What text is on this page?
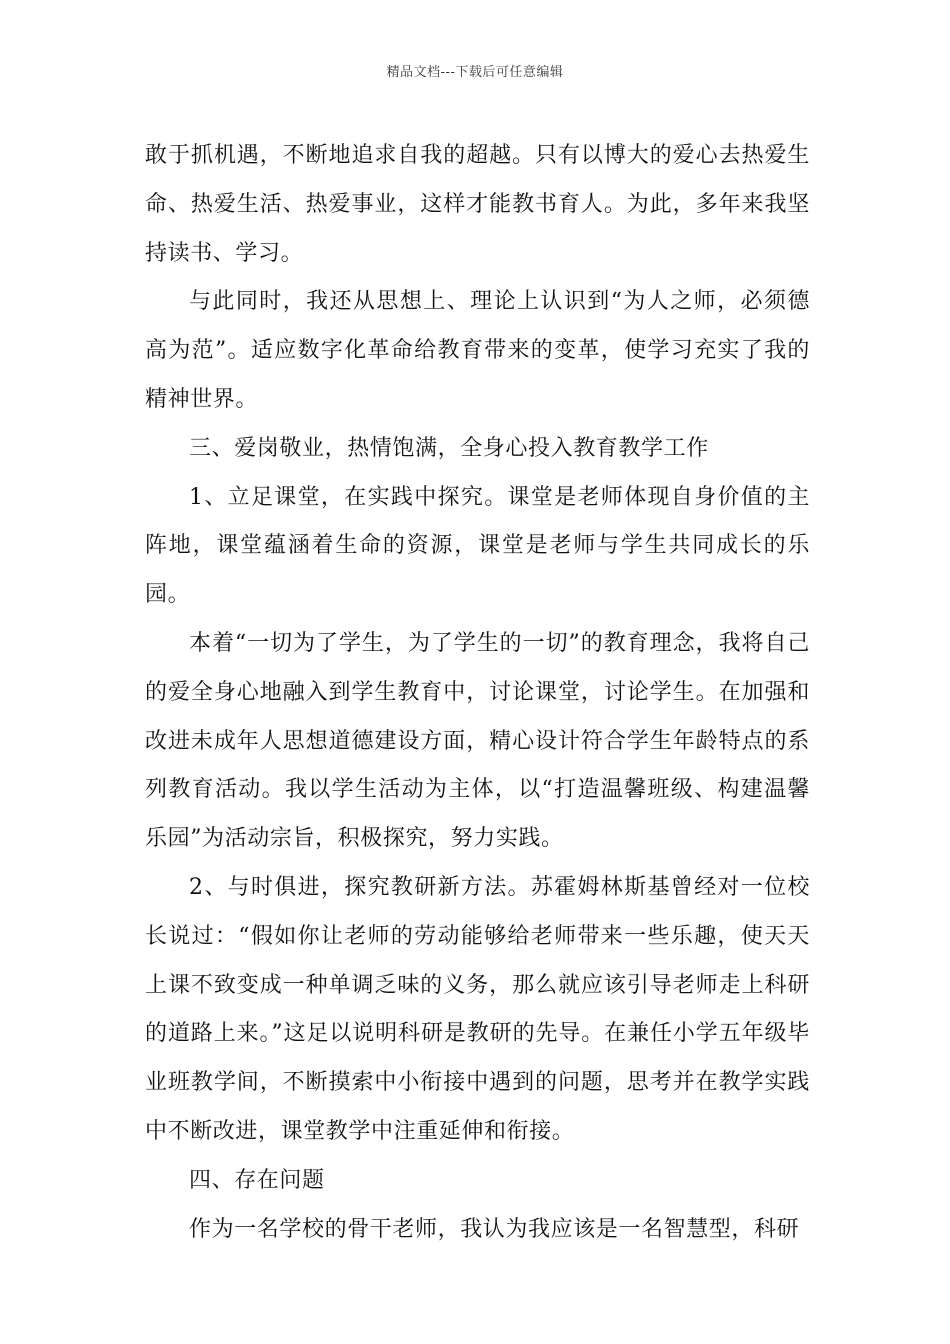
精品文档---下载后可任意编辑

敢于抓机遇，不断地追求自我的超越。只有以博大的爱心去热爱生命、热爱生活、热爱事业，这样才能教书育人。为此，多年来我坚持读书、学习。

与此同时，我还从思想上、理论上认识到“为人之师，必须德高为范”。适应数字化革命给教育带来的变革，使学习充实了我的精神世界。

三、爱岗敬业，热情饱满，全身心投入教育教学工作

1、立足课堂，在实践中探究。课堂是老师体现自身价值的主阵地，课堂蕴涵着生命的资源，课堂是老师与学生共同成长的乐园。

本着“一切为了学生，为了学生的一切”的教育理念，我将自己的爱全身心地融入到学生教育中，讨论课堂，讨论学生。在加强和改进未成年人思想道德建设方面，精心设计符合学生年龄特点的系列教育活动。我以学生活动为主体，以“打造温馨班级、构建温馨乐园”为活动宗旨，积极探究，努力实践。

2、与时俱进，探究教研新方法。苏霍姆林斯基曾经对一位校长说过：“假如你让老师的劳动能够给老师带来一些乐趣，使天天上课不致变成一种单调乏味的义务，那么就应该引导老师走上科研的道路上来。”这足以说明科研是教研的先导。在兼任小学五年级毕业班教学间，不断摸索中小衔接中遇到的问题，思考并在教学实践中不断改进，课堂教学中注重延伸和衔接。

四、存在问题

作为一名学校的骨干老师，我认为我应该是一名智慧型，科研
